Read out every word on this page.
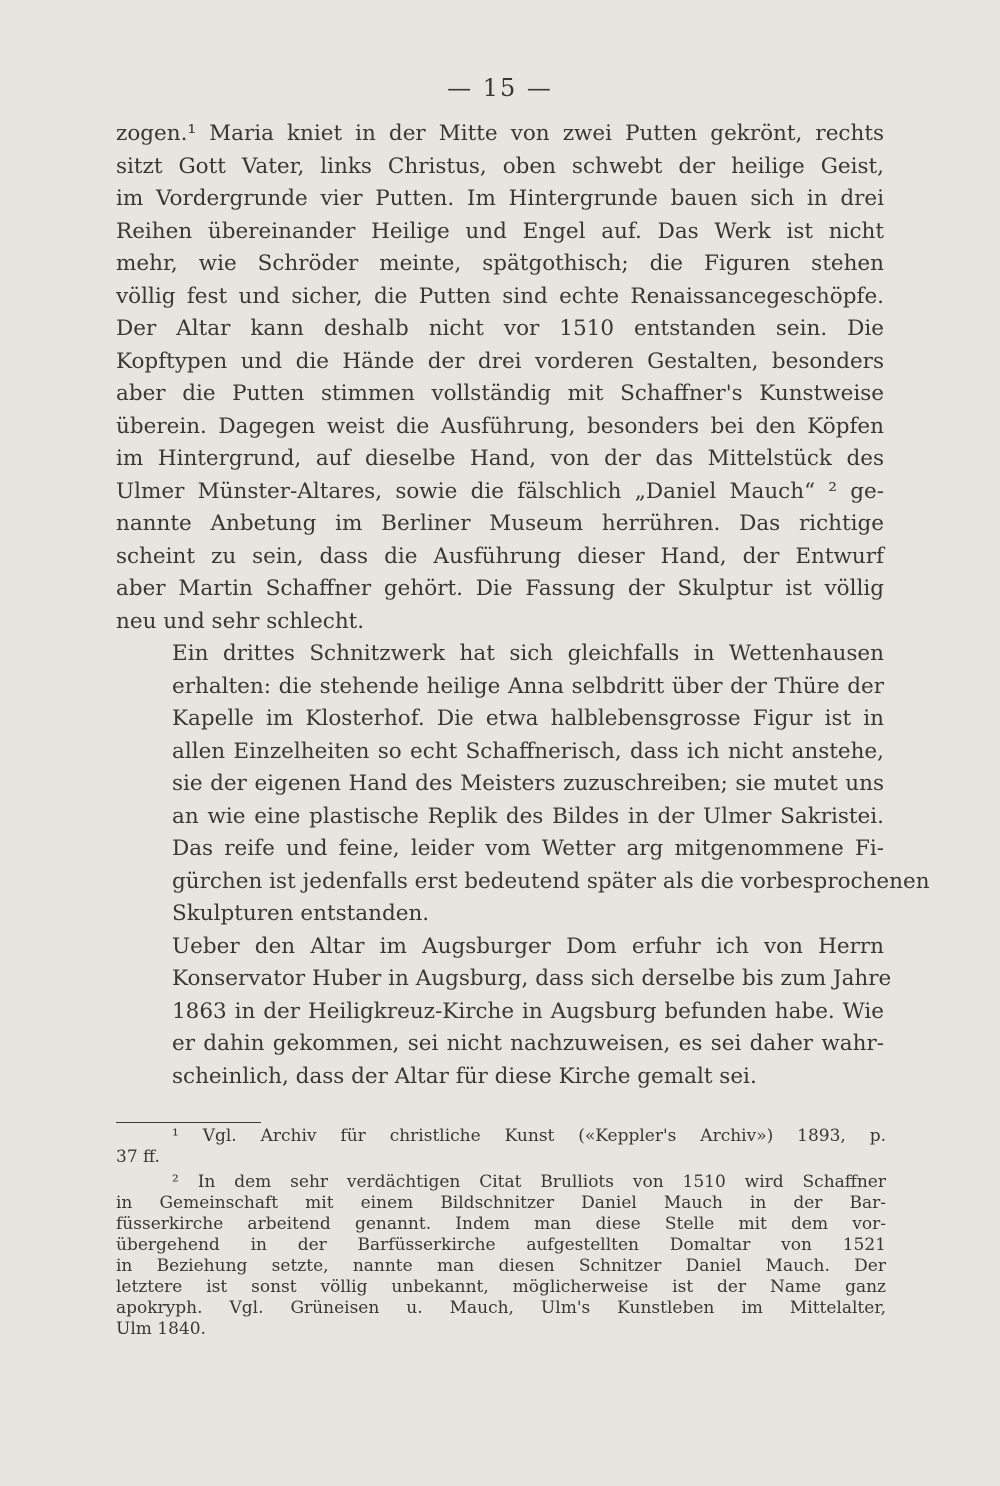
— 15 —

zogen.¹ Maria kniet in der Mitte von zwei Putten gekrönt, rechts
sitzt Gott Vater, links Christus, oben schwebt der heilige Geist,
im Vordergrunde vier Putten. Im Hintergrunde bauen sich in drei
Reihen übereinander Heilige und Engel auf. Das Werk ist nicht
mehr, wie Schröder meinte, spätgothisch; die Figuren stehen
völlig fest und sicher, die Putten sind echte Renaissancegeschöpfe.
Der Altar kann deshalb nicht vor 1510 entstanden sein. Die
Kopftypen und die Hände der drei vorderen Gestalten, besonders
aber die Putten stimmen vollständig mit Schaffner's Kunstweise
überein. Dagegen weist die Ausführung, besonders bei den Köpfen
im Hintergrund, auf dieselbe Hand, von der das Mittelstück des
Ulmer Münster-Altares, sowie die fälschlich „Daniel Mauch“ ² ge-
nannte Anbetung im Berliner Museum herrühren. Das richtige
scheint zu sein, dass die Ausführung dieser Hand, der Entwurf
aber Martin Schaffner gehört. Die Fassung der Skulptur ist völlig
neu und sehr schlecht.

Ein drittes Schnitzwerk hat sich gleichfalls in Wettenhausen
erhalten: die stehende heilige Anna selbdritt über der Thüre der
Kapelle im Klosterhof. Die etwa halblebensgrosse Figur ist in
allen Einzelheiten so echt Schaffnerisch, dass ich nicht anstehe,
sie der eigenen Hand des Meisters zuzuschreiben; sie mutet uns
an wie eine plastische Replik des Bildes in der Ulmer Sakristei.
Das reife und feine, leider vom Wetter arg mitgenommene Fi-
gürchen ist jedenfalls erst bedeutend später als die vorbesprochenen
Skulpturen entstanden.

Ueber den Altar im Augsburger Dom erfuhr ich von Herrn
Konservator Huber in Augsburg, dass sich derselbe bis zum Jahre
1863 in der Heiligkreuz-Kirche in Augsburg befunden habe. Wie
er dahin gekommen, sei nicht nachzuweisen, es sei daher wahr-
scheinlich, dass der Altar für diese Kirche gemalt sei.

¹ Vgl. Archiv für christliche Kunst («Keppler's Archiv») 1893, p.
37 ff.
² In dem sehr verdächtigen Citat Brulliots von 1510 wird Schaffner
in Gemeinschaft mit einem Bildschnitzer Daniel Mauch in der Bar-
füsserkirche arbeitend genannt. Indem man diese Stelle mit dem vor-
übergehend in der Barfüsserkirche aufgestellten Domaltar von 1521
in Beziehung setzte, nannte man diesen Schnitzer Daniel Mauch. Der
letztere ist sonst völlig unbekannt, möglicherweise ist der Name ganz
apokryph. Vgl. Grüneisen u. Mauch, Ulm's Kunstleben im Mittelalter,
Ulm 1840.
